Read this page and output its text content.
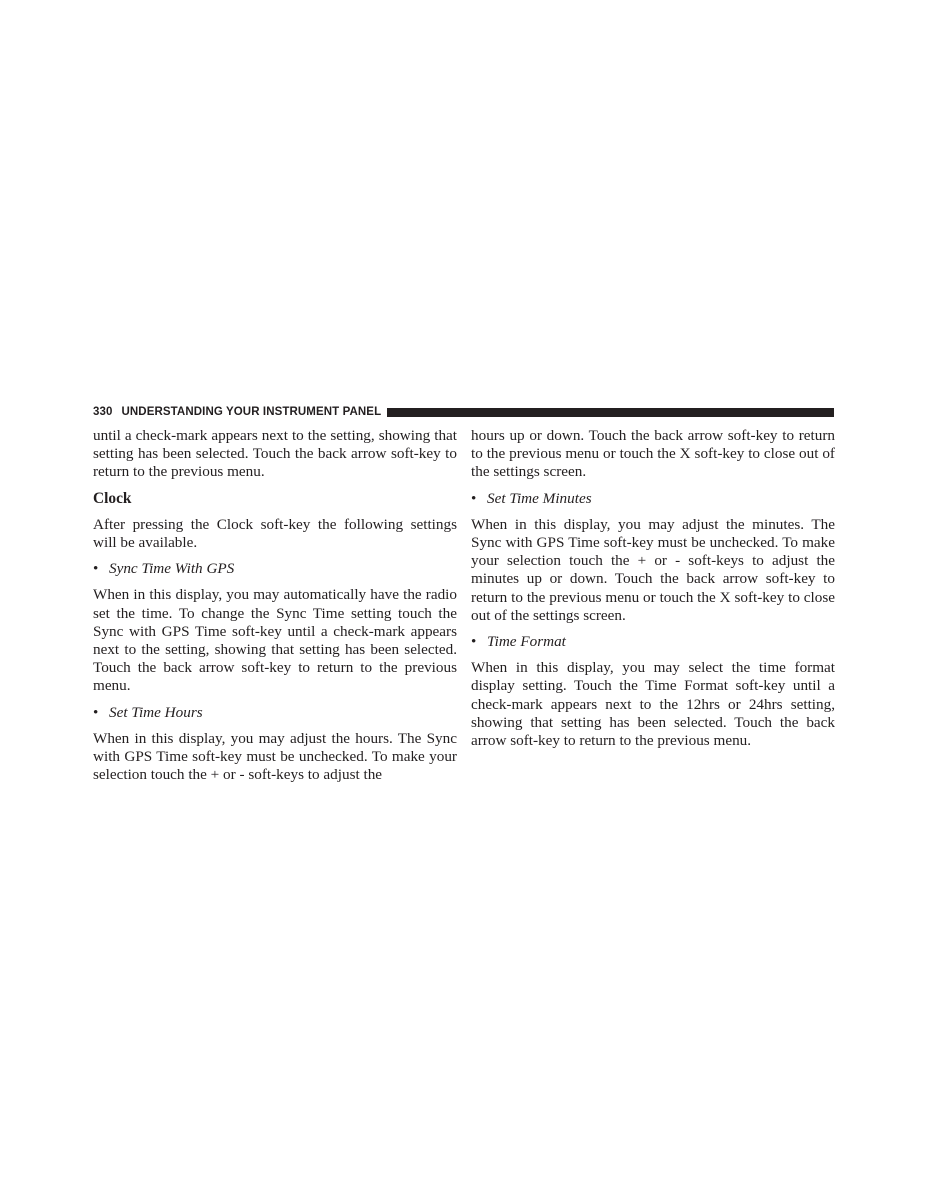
330 UNDERSTANDING YOUR INSTRUMENT PANEL

until a check-mark appears next to the setting, showing that setting has been selected. Touch the back arrow soft-key to return to the previous menu.

Clock

After pressing the Clock soft-key the following settings will be available.

• Sync Time With GPS

When in this display, you may automatically have the radio set the time. To change the Sync Time setting touch the Sync with GPS Time soft-key until a check-mark appears next to the setting, showing that setting has been selected. Touch the back arrow soft-key to return to the previous menu.

• Set Time Hours

When in this display, you may adjust the hours. The Sync with GPS Time soft-key must be unchecked. To make your selection touch the + or - soft-keys to adjust the

hours up or down. Touch the back arrow soft-key to return to the previous menu or touch the X soft-key to close out of the settings screen.

• Set Time Minutes

When in this display, you may adjust the minutes. The Sync with GPS Time soft-key must be unchecked. To make your selection touch the + or - soft-keys to adjust the minutes up or down. Touch the back arrow soft-key to return to the previous menu or touch the X soft-key to close out of the settings screen.

• Time Format

When in this display, you may select the time format display setting. Touch the Time Format soft-key until a check-mark appears next to the 12hrs or 24hrs setting, showing that setting has been selected. Touch the back arrow soft-key to return to the previous menu.
